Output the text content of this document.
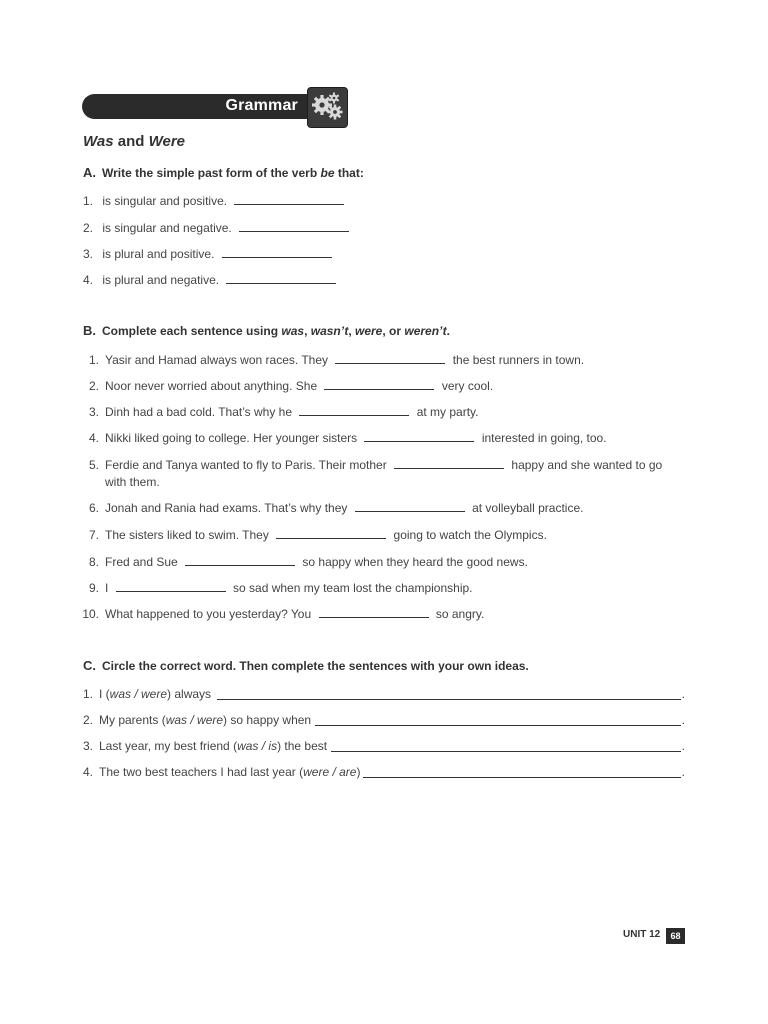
Grammar
Was and Were
A. Write the simple past form of the verb be that:
1. is singular and positive.
2. is singular and negative.
3. is plural and positive.
4. is plural and negative.
B. Complete each sentence using was, wasn’t, were, or weren’t.
1. Yasir and Hamad always won races. They	the best runners in town.
2. Noor never worried about anything. She	very cool.
3. Dinh had a bad cold. That’s why he	at my party.
4. Nikki liked going to college. Her younger sisters	interested in going, too.
5. Ferdie and Tanya wanted to fly to Paris. Their mother	happy and she wanted to go
with them.
6. Jonah and Rania had exams. That’s why they	at volleyball practice.
7. The sisters liked to swim. They	going to watch the Olympics.
8. Fred and Sue	so happy when they heard the good news.
9. I	so sad when my team lost the championship.
10. What happened to you yesterday? You	so angry.
C. Circle the correct word. Then complete the sentences with your own ideas.
1. I ( was / were ) always	.
2. My parents ( was / were ) so happy when	.
3. Last year, my best friend ( was / is ) the best	.
4. The two best teachers I had last year ( were / are )	.
UNIT 12	68
